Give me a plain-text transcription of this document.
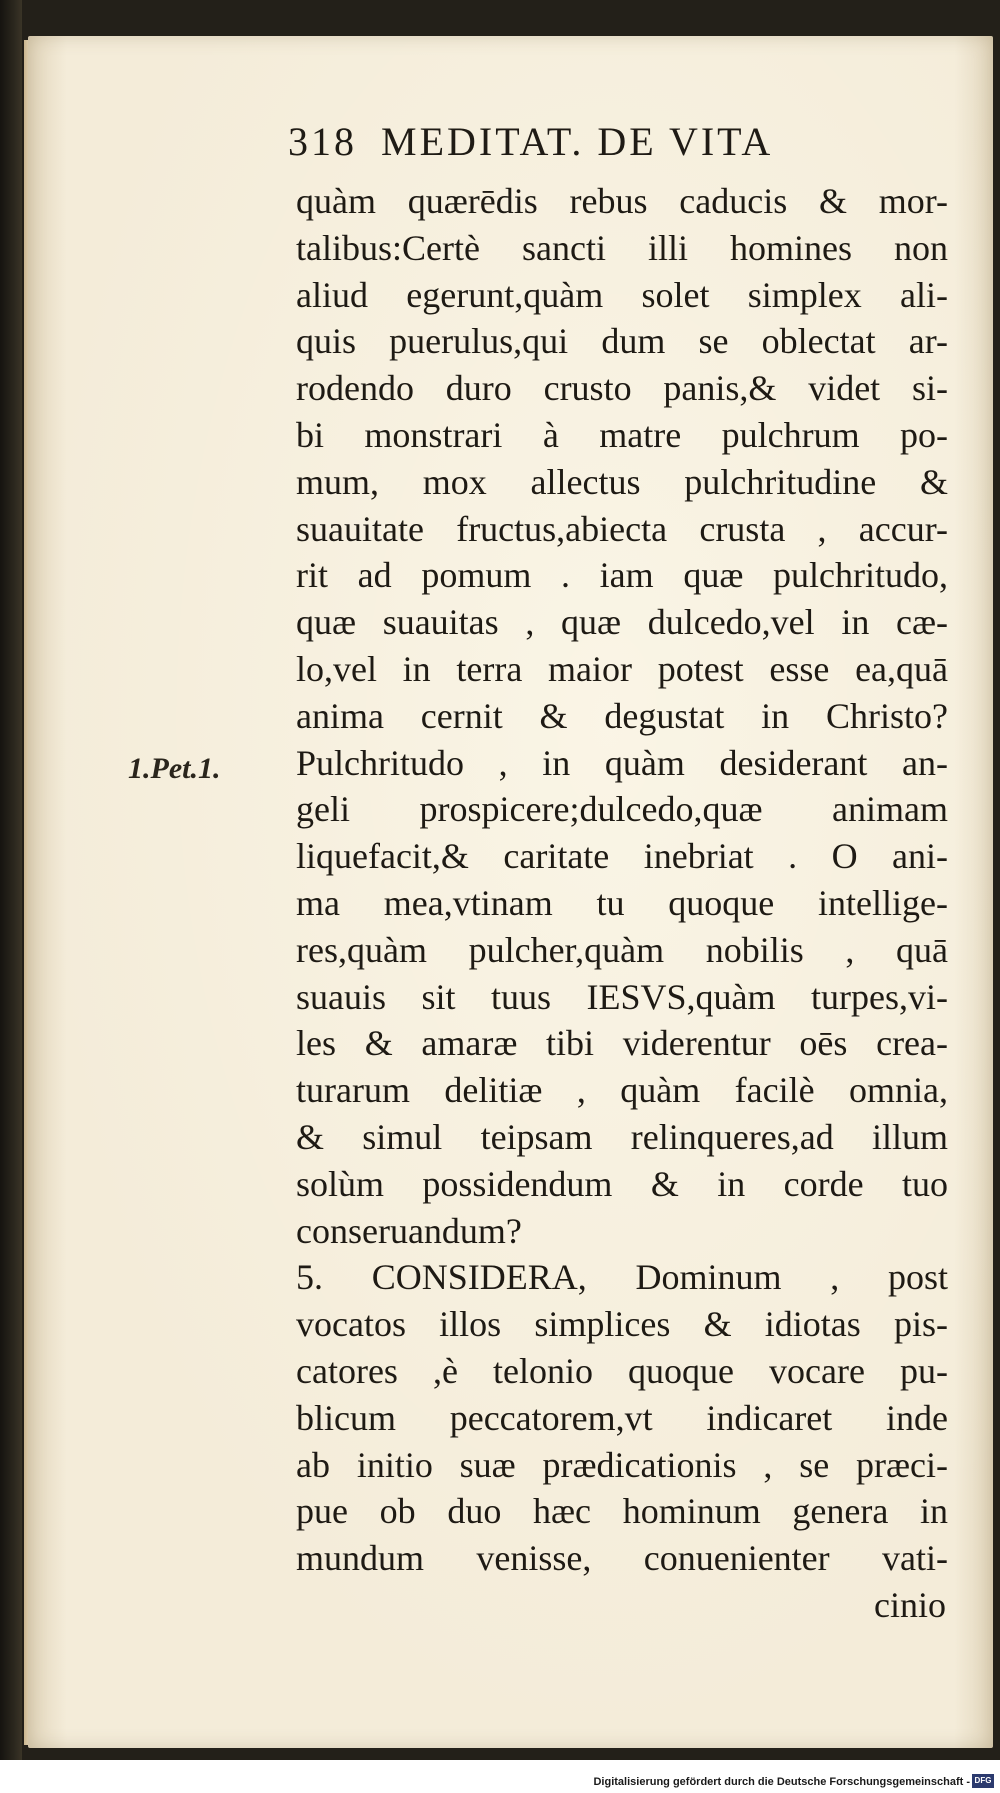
318 MEDITAT. DE VITA
1.Pet.1.
quàm quærēdis rebus caducis & mor-
talibus:Certè sancti illi homines non
aliud egerunt,quàm solet simplex ali-
quis puerulus,qui dum se oblectat ar-
rodendo duro crusto panis,& videt si-
bi monstrari à matre pulchrum po-
mum, mox allectus pulchritudine &
suauitate fructus,abiecta crusta , accur-
rit ad pomum . iam quæ pulchritudo,
quæ suauitas , quæ dulcedo,vel in cæ-
lo,vel in terra maior potest esse ea,quā
anima cernit & degustat in Christo?
Pulchritudo , in quàm desiderant an-
geli prospicere;dulcedo,quæ animam
liquefacit,& caritate inebriat . O ani-
ma mea,vtinam tu quoque intellige-
res,quàm pulcher,quàm nobilis , quā
suauis sit tuus IESVS,quàm turpes,vi-
les & amaræ tibi viderentur oēs crea-
turarum delitiæ , quàm facilè omnia,
& simul teipsam relinqueres,ad illum
solùm possidendum & in corde tuo
conseruandum?
5. CONSIDERA, Dominum , post
vocatos illos simplices & idiotas pis-
catores ,è telonio quoque vocare pu-
blicum peccatorem,vt indicaret inde
ab initio suæ prædicationis , se præci-
pue ob duo hæc hominum genera in
mundum venisse, conuenienter vati-
cinio
Digitalisierung gefördert durch die Deutsche Forschungsgemeinschaft - DFG
